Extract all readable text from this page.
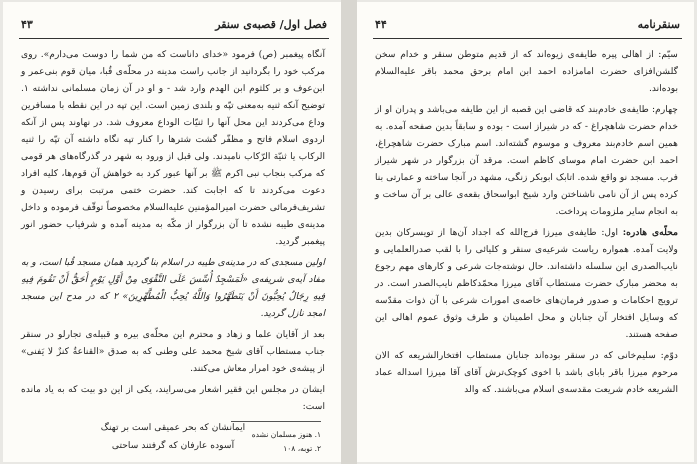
فصل اول/ قصبه‌ی سنقر
۴۳

آنگاه پیغمبر (ص) فرمود «خدای داناست که من شما را دوست می‌دارم». روی مرکب خود را بگردانید از جانب راست مدینه در محلّه‌ی قُبا، میان قوم بنی‌عمر و ابن‌عوف و بر کلثوم ابن الهدم وارد شد - و او در آن زمان مسلمانی نداشته ۱. توضیح آنکه ثنیه به‌معنی تپّه و بلندی زمین است. این تپه در این نقطه با مسافرین وداع می‌کردند این محل آنها را ثنیّات الوداع معروف شد. در نهاوند پس از آنکه اردوی اسلام فاتح و مظفّر گشت شترها را کنار تپه نگاه داشته آن تپّه را ثنیه الرکاب یا ثنیّة الرّکاب نامیدند. ولی قبل از ورود به شهر در گذرگاه‌های هر قومی که مرکب بنجاب نبی اکرم ﷺ بر آنها عبور کرد به خواهش آن قوم‌ها، کلیه افراد دعوت می‌کردند تا که اجابت کند. حضرت ختمی مرتبت برای رسیدن و تشریف‌فرمائی حضرت امیرالمؤمنین علیه‌السلام مخصوصاً توقّف فرموده و داخل مدینه‌ی طیبه نشده تا آن بزرگوار از مکّه به مدینه آمده و شرفیاب حضور انور پیغمبر گردید.

اولین مسجدی که در مدینه‌ی طیبه در اسلام بنا گردید همان مسجد قُبا است، و به مفاد آیه‌ی شریفه‌ی «لَمَسْجِدٌ أُسِّسَ عَلَى التَّقْوَى مِنْ أَوَّلِ يَوْمٍ أَحَقُّ أَنْ تَقُومَ فِيهِ فِيهِ رِجَالٌ يُحِبُّونَ أَنْ يَتَطَهَّرُوا وَاللَّهُ يُحِبُّ الْمُطَّهِّرِينَ» ۲ که در مدح این مسجد امجد نازل گردید.

بعد از آقایان علما و زهاد و محترم این محلّه‌ی بیره و قبیله‌ی تجارلو در سنقر جناب مستطاب آقای شیخ محمد علی وطنی که به صدق «القناعةُ کنزٌ لا یَفنی» از پیشه‌ی خود امرار معاش می‌کنند.

ایشان در مجلس این فقیر اشعار می‌سرایند، یکی از این دو بیت که به یاد مانده است:

ایمانشان که بحر عمیقی است بر تهنگ
آسوده عارفان که گرفتند ساحتی
۱. هنوز مسلمان نشده
۲. توبه، ۱۰۸
سنقرنامه
۴۴

سیّم: از اهالی پیره طایفه‌ی زیوه‌اند که از قدیم متوطن سنقر و خدام سخن گلشن‌افزای حضرت امامزاده احمد ابن امام برحق محمد باقر علیه‌السلام بوده‌اند.

چهارم: طایفه‌ی خادم‌بند که قاضی این قصبه از این طایفه می‌باشد و پدران او از خدام حضرت شاهچراغ - که در شیراز است - بوده و سابقاً بدین صفحه آمده. به همین اسم خادم‌بند معروف و موسوم گشته‌اند. اسم مبارک حضرت شاهچراغ، احمد ابن حضرت امام موسای کاظم است. مرقد آن بزرگوار در شهر شیراز فرب. مسجد نو واقع شده. اتابک ابوبکر زنگی، مشهد در آنجا ساخته و عمارتی بنا کرده پس از آن نامی ناشناختن وارد شیخ ابواسحاق بقعه‌ی عالی بر آن ساخت و به انجام سایر ملزومات پرداخت.

محلّه‌ی هادره: اول: طایفه‌ی میرزا فرج‌الله که اجداد آن‌ها از تویسرکان بدین ولایت آمده. همواره ریاست شرعیه‌ی سنقر و کلیائی را با لقب صدرالعلمایی و نایب‌الصدری این سلسله داشته‌اند. حال نوشته‌جات شرعی و کارهای مهم رجوع به محضر مبارک حضرت مستطاب آقای میرزا محمّدکاظم نایب‌الصدر است. در ترویج احکامات و صدور فرمان‌های خاصه‌ی امورات شرعی با آن ذوات مقدّسه که وسایل افتخار آن جنابان و محل اطمینان و طرف وثوق عموم اهالی این صفحه هستند.

دوّم: سلیم‌خانی که در سنقر بوده‌اند جنابان مستطاب افتخارالشریعه که الان مرحوم میرزا باقر بابای باشد با اخوی کوچک‌ترش آقای آقا میرزا اسداله عماد الشریعه خادم شریعت مقدسه‌ی اسلام می‌باشند. که والد
